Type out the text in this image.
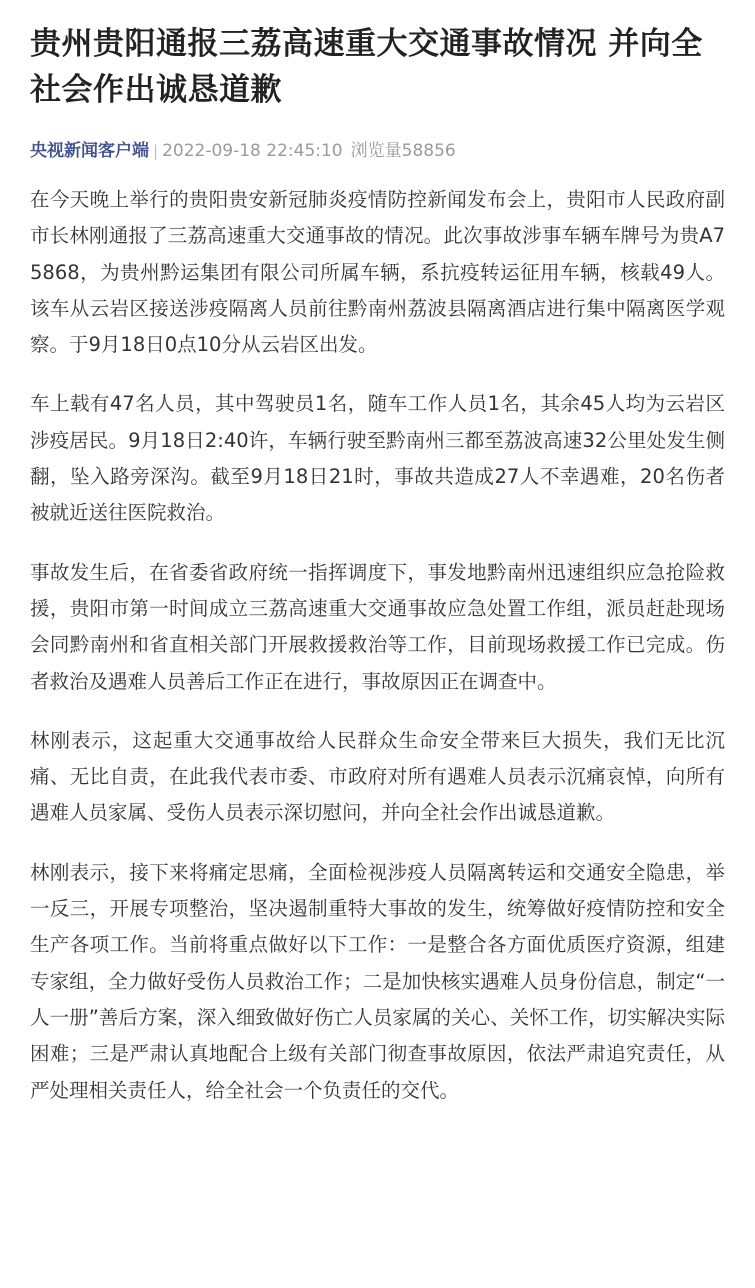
贵州贵阳通报三荔高速重大交通事故情况 并向全社会作出诚恳道歉
央视新闻客户端 | 2022-09-18 22:45:10 浏览量58856

在今天晚上举行的贵阳贵安新冠肺炎疫情防控新闻发布会上，贵阳市人民政府副市长林刚通报了三荔高速重大交通事故的情况。此次事故涉事车辆车牌号为贵A75868，为贵州黔运集团有限公司所属车辆，系抗疫转运征用车辆，核载49人。该车从云岩区接送涉疫隔离人员前往黔南州荔波县隔离酒店进行集中隔离医学观察。于9月18日0点10分从云岩区出发。

车上载有47名人员，其中驾驶员1名，随车工作人员1名，其余45人均为云岩区涉疫居民。9月18日2:40许，车辆行驶至黔南州三都至荔波高速32公里处发生侧翻，坠入路旁深沟。截至9月18日21时，事故共造成27人不幸遇难，20名伤者被就近送往医院救治。

事故发生后，在省委省政府统一指挥调度下，事发地黔南州迅速组织应急抢险救援，贵阳市第一时间成立三荔高速重大交通事故应急处置工作组，派员赶赴现场会同黔南州和省直相关部门开展救援救治等工作，目前现场救援工作已完成。伤者救治及遇难人员善后工作正在进行，事故原因正在调查中。

林刚表示，这起重大交通事故给人民群众生命安全带来巨大损失，我们无比沉痛、无比自责，在此我代表市委、市政府对所有遇难人员表示沉痛哀悼，向所有遇难人员家属、受伤人员表示深切慰问，并向全社会作出诚恳道歉。

林刚表示，接下来将痛定思痛，全面检视涉疫人员隔离转运和交通安全隐患，举一反三，开展专项整治，坚决遏制重特大事故的发生，统筹做好疫情防控和安全生产各项工作。当前将重点做好以下工作：一是整合各方面优质医疗资源，组建专家组，全力做好受伤人员救治工作；二是加快核实遇难人员身份信息，制定“一人一册”善后方案，深入细致做好伤亡人员家属的关心、关怀工作，切实解决实际困难；三是严肃认真地配合上级有关部门彻查事故原因，依法严肃追究责任，从严处理相关责任人，给全社会一个负责任的交代。
